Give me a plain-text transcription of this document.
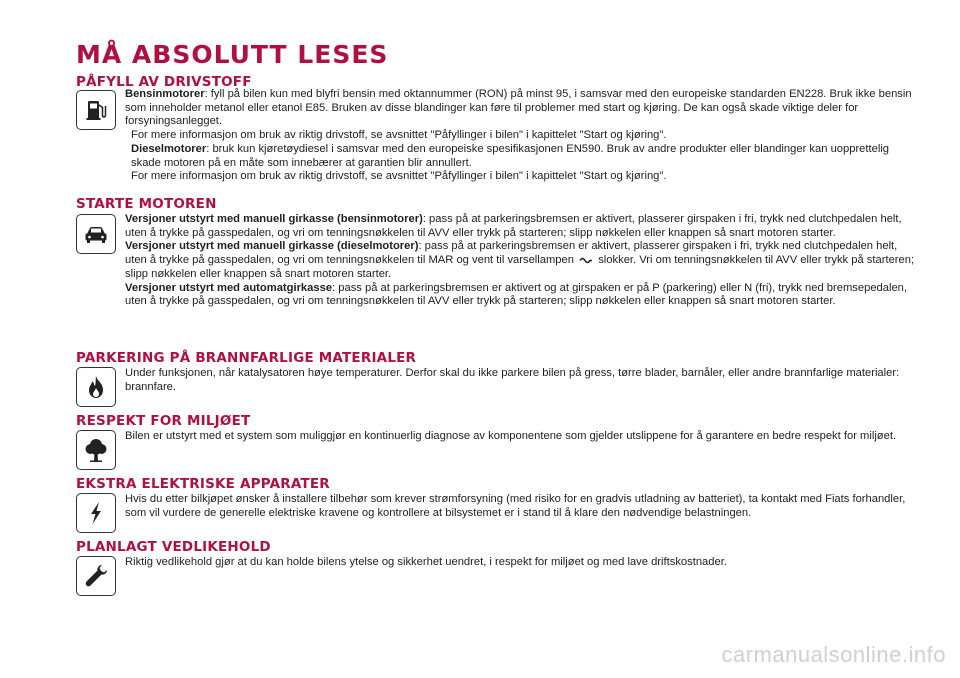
MÅ ABSOLUTT LESES
PÅFYLL AV DRIVSTOFF

Bensinmotorer: fyll på bilen kun med blyfri bensin med oktannummer (RON) på minst 95, i samsvar med den europeiske standarden EN228. Bruk ikke bensin som inneholder metanol eller etanol E85. Bruken av disse blandinger kan føre til problemer med start og kjøring. De kan også skade viktige deler for forsyningsanlegget.

For mere informasjon om bruk av riktig drivstoff, se avsnittet "Påfyllinger i bilen" i kapittelet "Start og kjøring".

Dieselmotorer: bruk kun kjøretøydiesel i samsvar med den europeiske spesifikasjonen EN590. Bruk av andre produkter eller blandinger kan uopprettelig skade motoren på en måte som innebærer at garantien blir annullert.

For mere informasjon om bruk av riktig drivstoff, se avsnittet "Påfyllinger i bilen" i kapittelet "Start og kjøring".

STARTE MOTOREN

Versjoner utstyrt med manuell girkasse (bensinmotorer): pass på at parkeringsbremsen er aktivert, plasserer girspaken i fri, trykk ned clutchpedalen helt, uten å trykke på gasspedalen, og vri om tenningsnøkkelen til AVV eller trykk på starteren; slipp nøkkelen eller knappen så snart motoren starter.

Versjoner utstyrt med manuell girkasse (dieselmotorer): pass på at parkeringsbremsen er aktivert, plasserer girspaken i fri, trykk ned clutchpedalen helt, uten å trykke på gasspedalen, og vri om tenningsnøkkelen til MAR og vent til varsellampen slokker. Vri om tenningsnøkkelen til AVV eller trykk på starteren; slipp nøkkelen eller knappen så snart motoren starter.

Versjoner utstyrt med automatgirkasse: pass på at parkeringsbremsen er aktivert og at girspaken er på P (parkering) eller N (fri), trykk ned bremsepedalen, uten å trykke på gasspedalen, og vri om tenningsnøkkelen til AVV eller trykk på starteren; slipp nøkkelen eller knappen så snart motoren starter.

PARKERING PÅ BRANNFARLIGE MATERIALER
Under funksjonen, når katalysatoren høye temperaturer. Derfor skal du ikke parkere bilen på gress, tørre blader, barnåler, eller andre brannfarlige materialer: brannfare.
RESPEKT FOR MILJØET
Bilen er utstyrt med et system som muliggjør en kontinuerlig diagnose av komponentene som gjelder utslippene for å garantere en bedre respekt for miljøet.
EKSTRA ELEKTRISKE APPARATER
Hvis du etter bilkjøpet ønsker å installere tilbehør som krever strømforsyning (med risiko for en gradvis utladning av batteriet), ta kontakt med Fiats forhandler, som vil vurdere de generelle elektriske kravene og kontrollere at bilsystemet er i stand til å klare den nødvendige belastningen.
PLANLAGT VEDLIKEHOLD
Riktig vedlikehold gjør at du kan holde bilens ytelse og sikkerhet uendret, i respekt for miljøet og med lave driftskostnader.
carmanualsonline.info
